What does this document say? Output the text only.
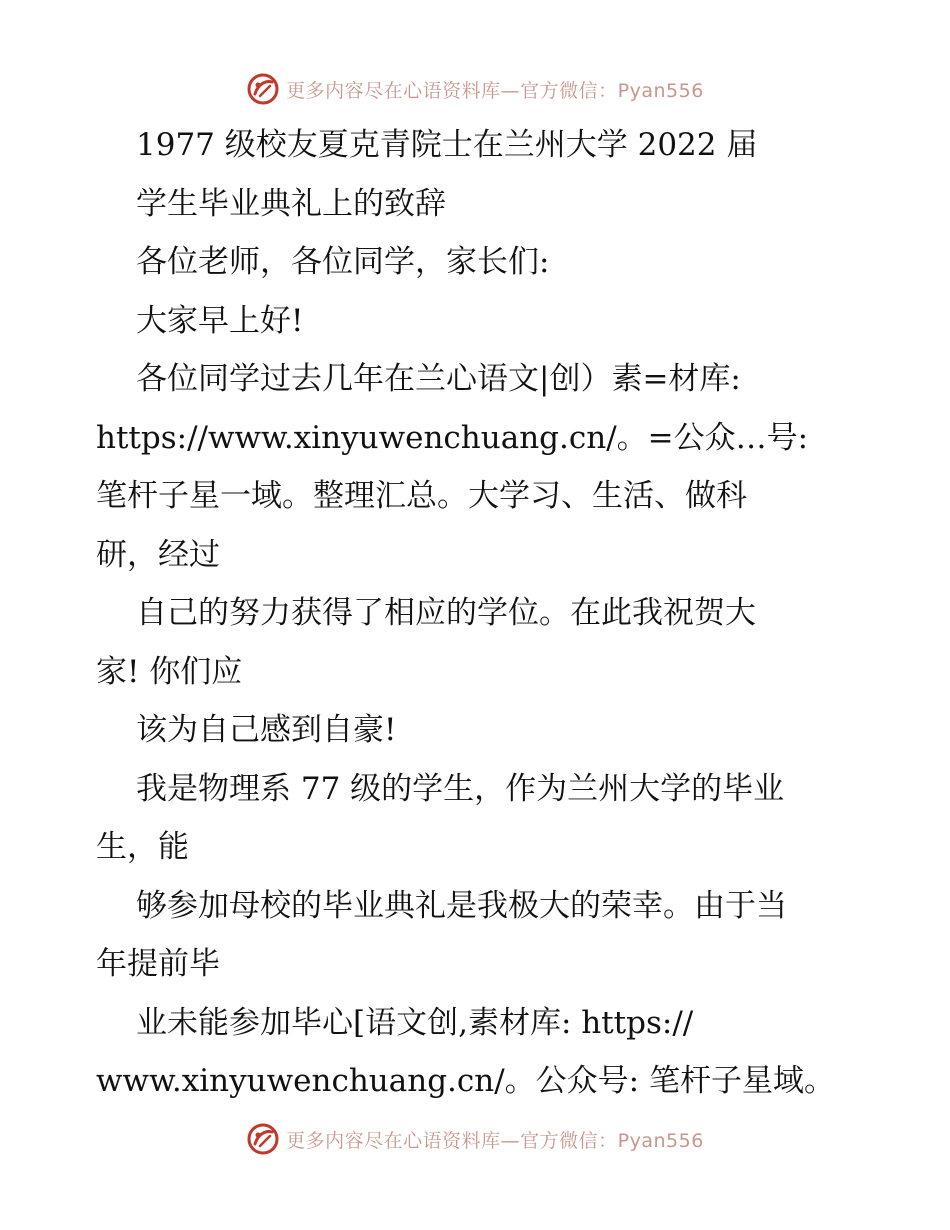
更多内容尽在心语资料库—官方微信：Pyan556
1977 级校友夏克青院士在兰州大学 2022 届
学生毕业典礼上的致辞
各位老师，各位同学，家长们:
大家早上好!
各位同学过去几年在兰心语文|创）素=材库:
https://www.xinyuwenchuang.cn/。=公众…号:
笔杆子星一域。整理汇总。大学习、生活、做科
研，经过
自己的努力获得了相应的学位。在此我祝贺大
家! 你们应
该为自己感到自豪!
我是物理系 77 级的学生，作为兰州大学的毕业
生，能
够参加母校的毕业典礼是我极大的荣幸。由于当
年提前毕
业未能参加毕心[语文创,素材库: https://
www.xinyuwenchuang.cn/。公众号: 笔杆子星域。
更多内容尽在心语资料库—官方微信：Pyan556
